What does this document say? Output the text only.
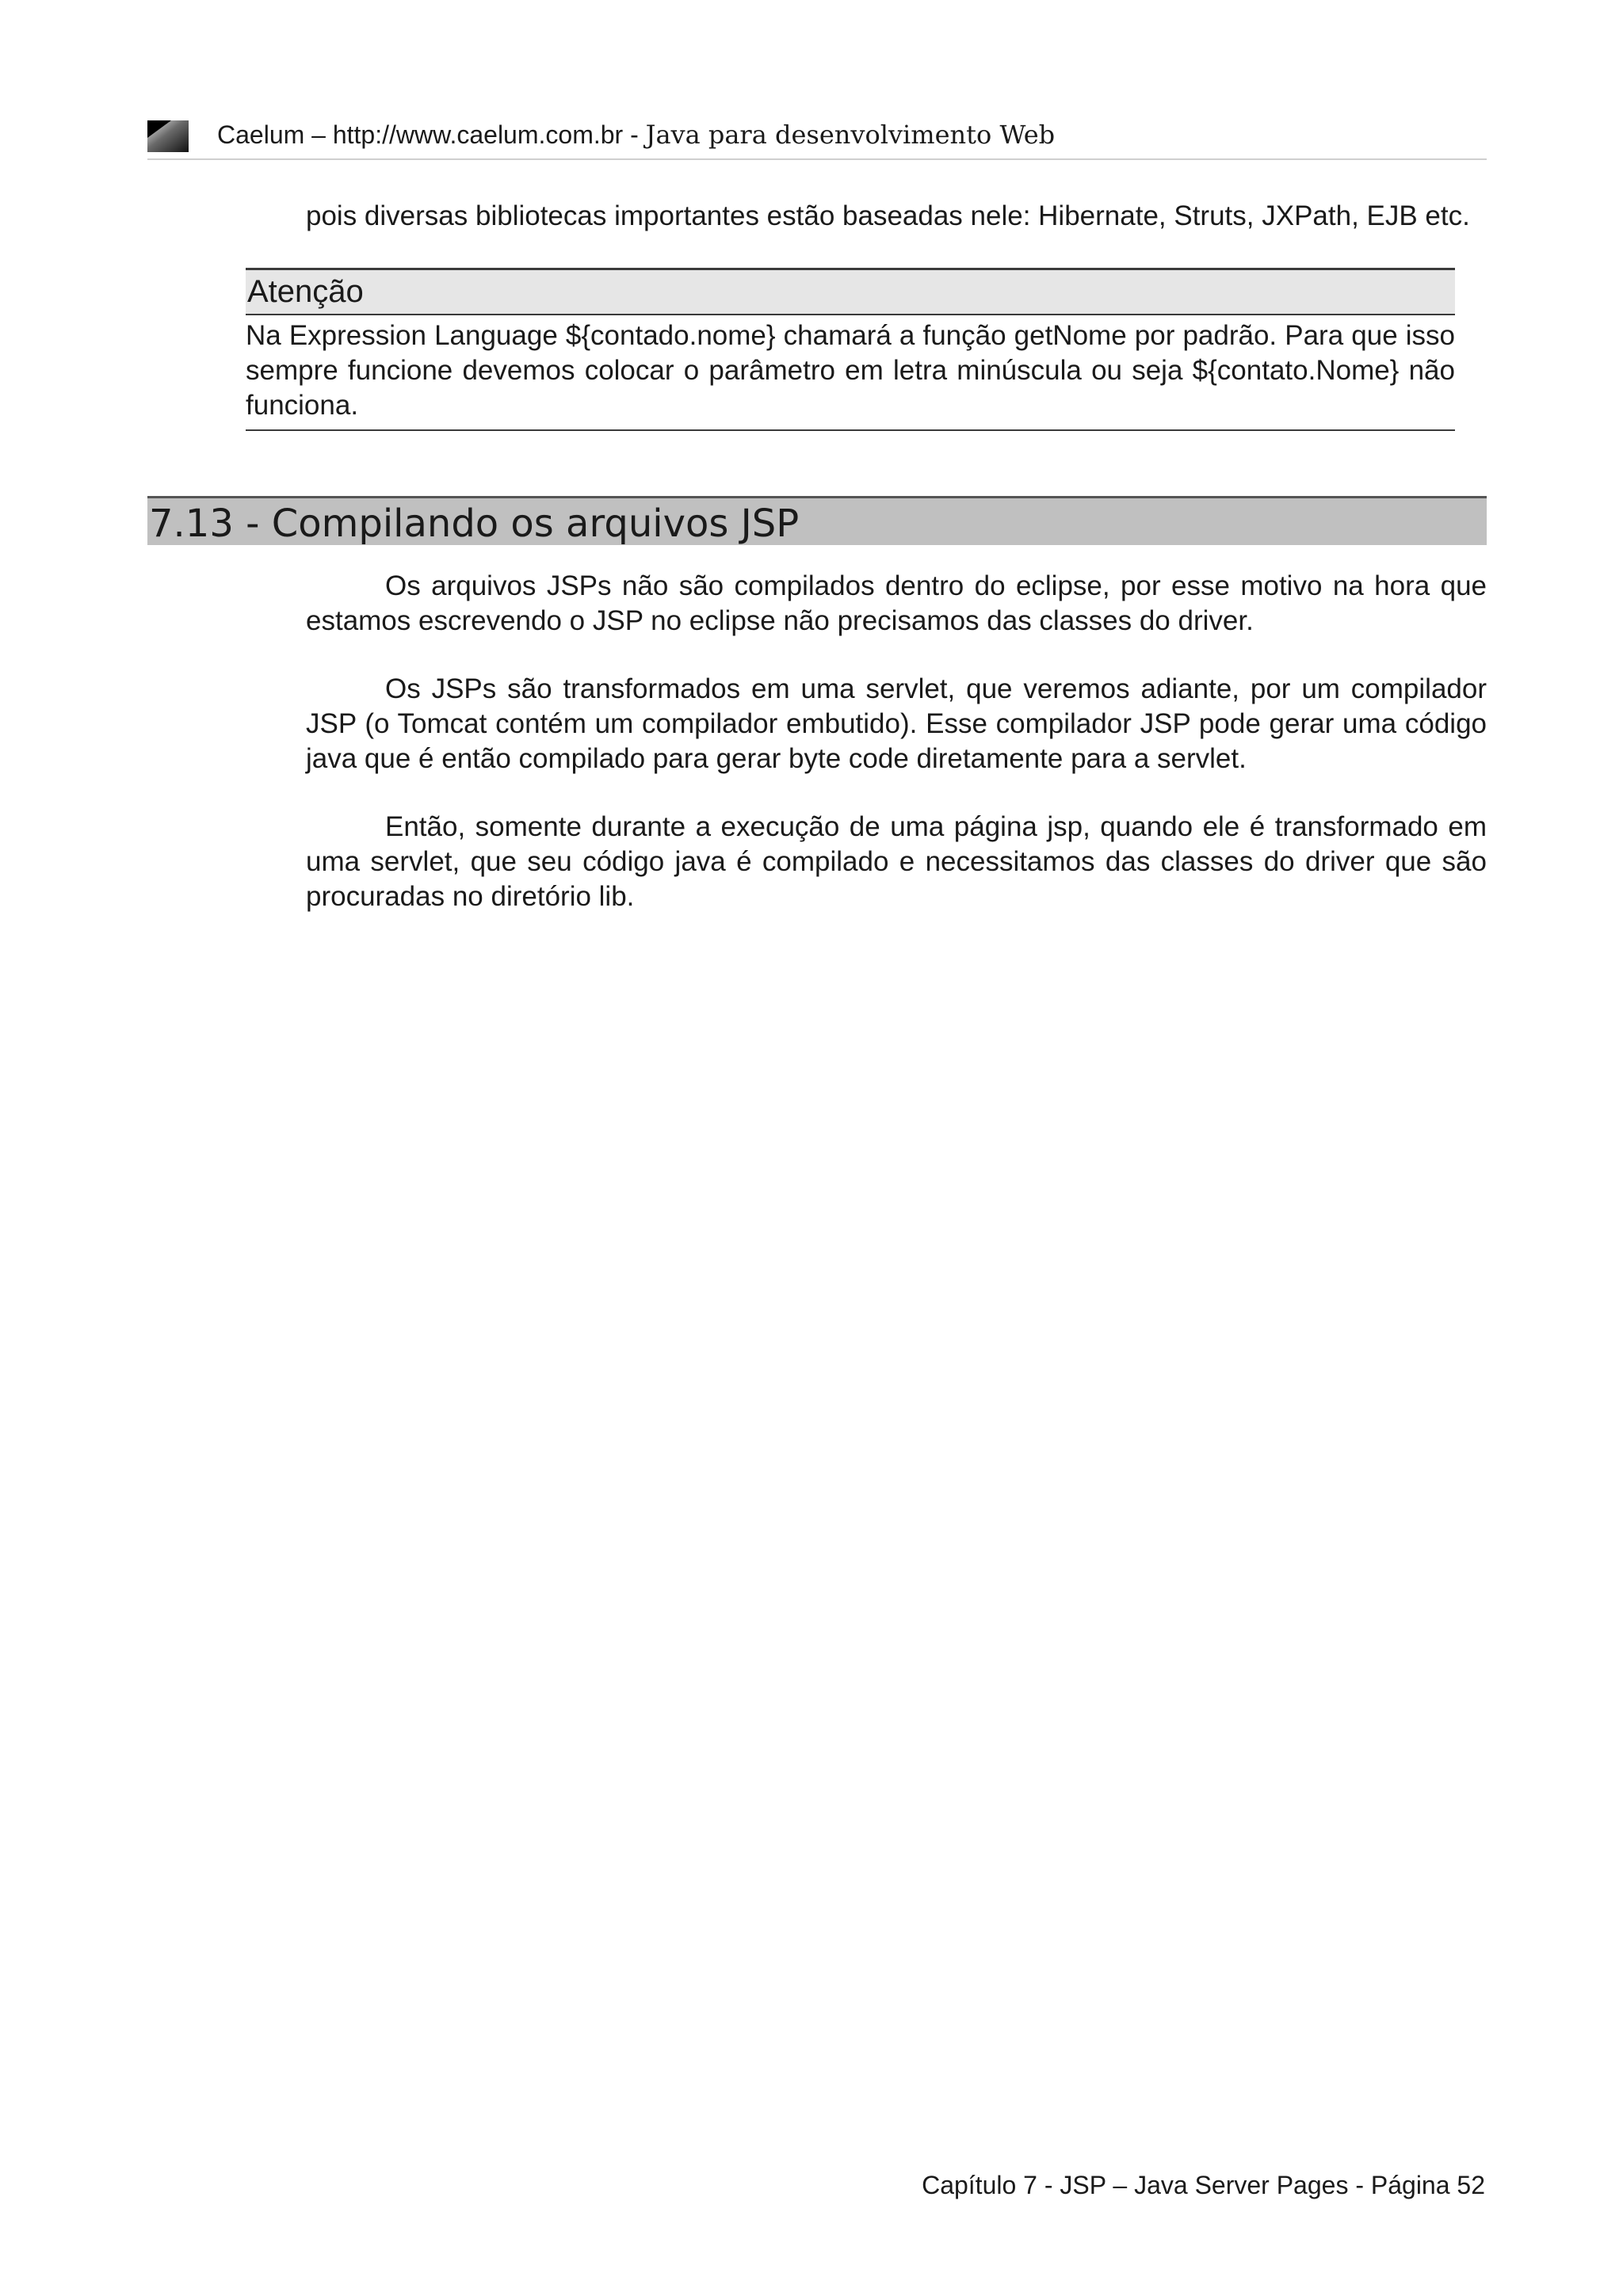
Caelum – http://www.caelum.com.br - Java para desenvolvimento Web
pois diversas bibliotecas importantes estão baseadas nele: Hibernate, Struts, JXPath, EJB etc.
Atenção
Na Expression Language ${contado.nome} chamará a função getNome por padrão. Para que isso sempre funcione devemos colocar o parâmetro em letra minúscula ou seja ${contato.Nome} não funciona.
7.13 - Compilando os arquivos JSP

Os arquivos JSPs não são compilados dentro do eclipse, por esse motivo na hora que estamos escrevendo o JSP no eclipse não precisamos das classes do driver.

Os JSPs são transformados em uma servlet, que veremos adiante, por um compilador JSP (o Tomcat contém um compilador embutido). Esse compilador JSP pode gerar uma código java que é então compilado para gerar byte code diretamente para a servlet.

Então, somente durante a execução de uma página jsp, quando ele é transformado em uma servlet, que seu código java é compilado e necessitamos das classes do driver que são procuradas no diretório lib.

Capítulo 7 - JSP – Java Server Pages - Página 52
